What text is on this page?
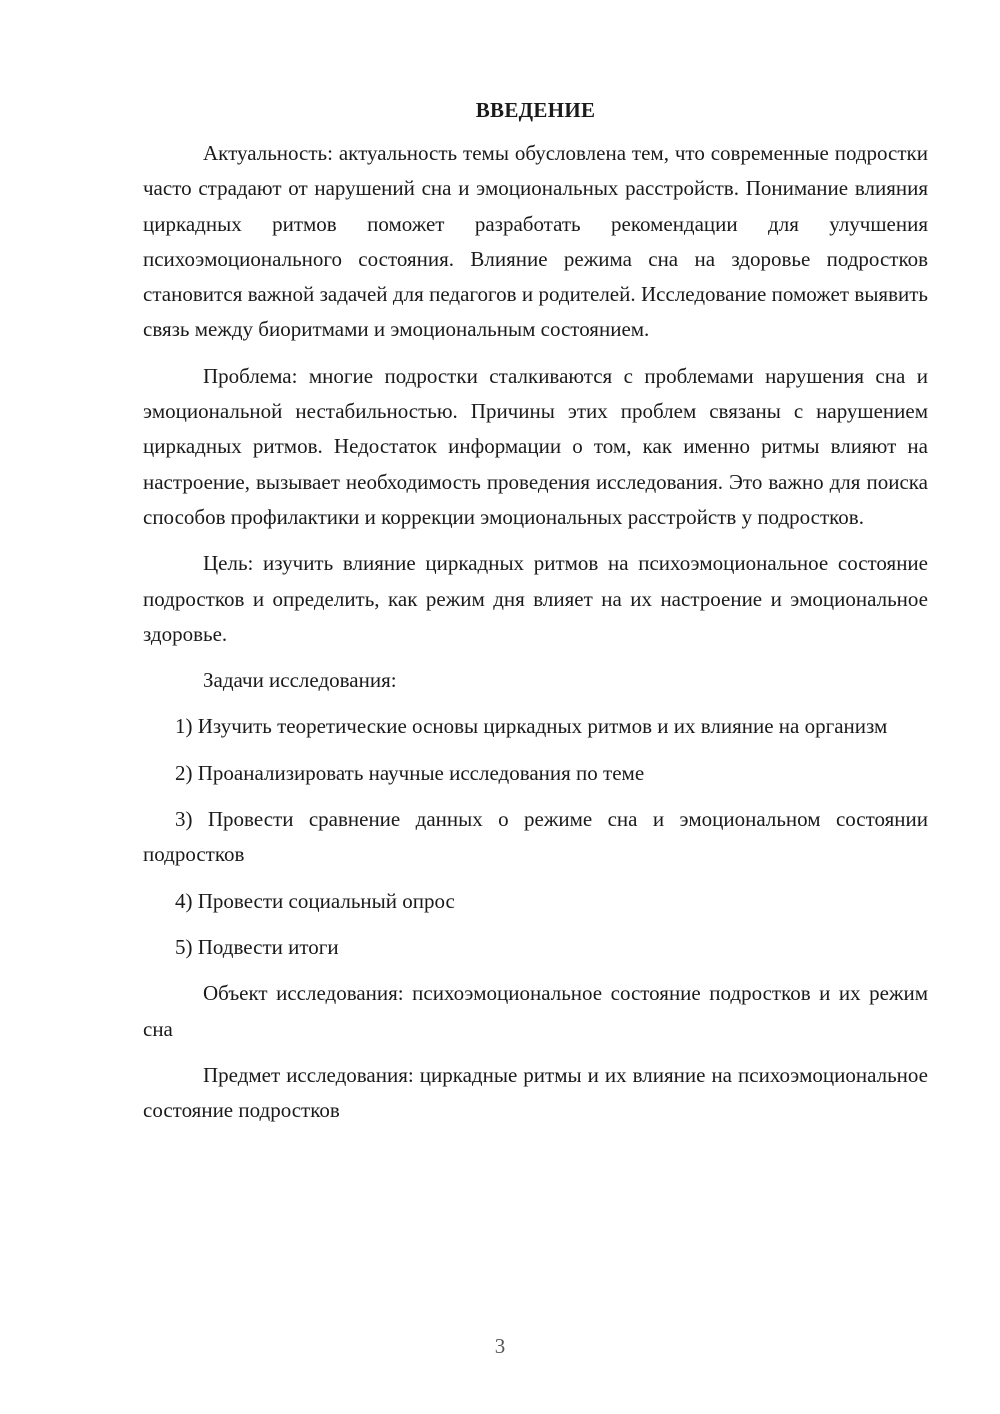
ВВЕДЕНИЕ

Актуальность: актуальность темы обусловлена тем, что современные подростки часто страдают от нарушений сна и эмоциональных расстройств. Понимание влияния циркадных ритмов поможет разработать рекомендации для улучшения психоэмоционального состояния. Влияние режима сна на здоровье подростков становится важной задачей для педагогов и родителей. Исследование поможет выявить связь между биоритмами и эмоциональным состоянием.

Проблема: многие подростки сталкиваются с проблемами нарушения сна и эмоциональной нестабильностью. Причины этих проблем связаны с нарушением циркадных ритмов. Недостаток информации о том, как именно ритмы влияют на настроение, вызывает необходимость проведения исследования. Это важно для поиска способов профилактики и коррекции эмоциональных расстройств у подростков.

Цель: изучить влияние циркадных ритмов на психоэмоциональное состояние подростков и определить, как режим дня влияет на их настроение и эмоциональное здоровье.

Задачи исследования:

1) Изучить теоретические основы циркадных ритмов и их влияние на организм

2) Проанализировать научные исследования по теме

3) Провести сравнение данных о режиме сна и эмоциональном состоянии подростков

4) Провести социальный опрос

5) Подвести итоги

Объект исследования: психоэмоциональное состояние подростков и их режим сна

Предмет исследования: циркадные ритмы и их влияние на психоэмоциональное состояние подростков

3
